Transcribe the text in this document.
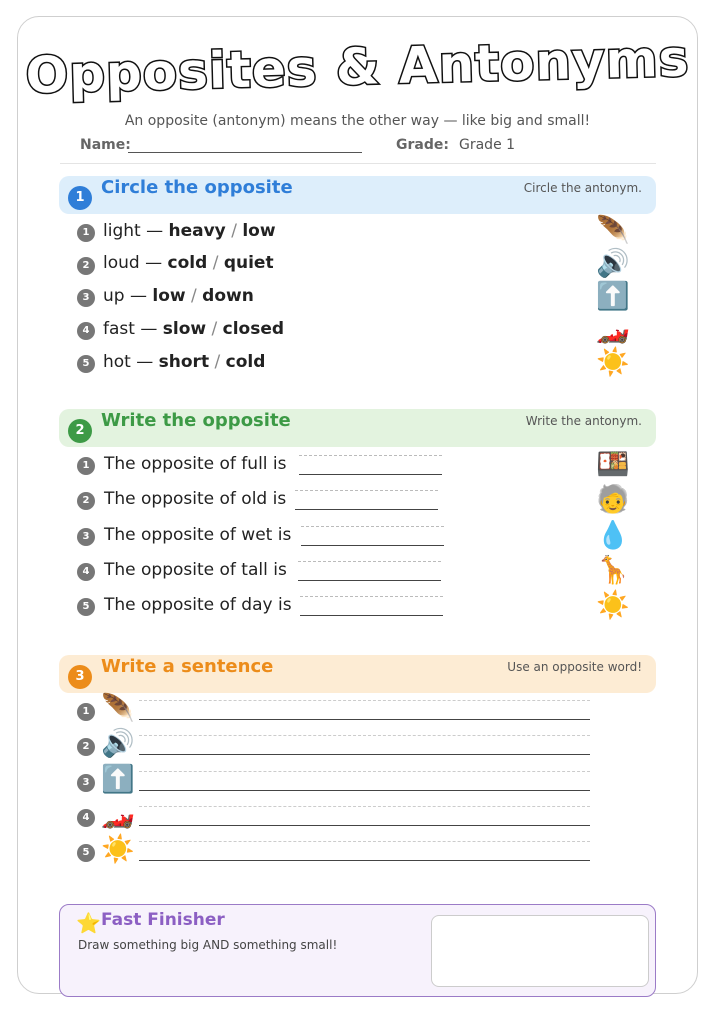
Opposites & Antonyms
An opposite (antonym) means the other way — like big and small!
Name:	Grade: Grade 1
1 Circle the opposite	Circle the antonym.
1 light — heavy / low	🪶
2 loud — cold / quiet	🔊
3 up — low / down	⬆️
4 fast — slow / closed	🏎️
5 hot — short / cold	☀️
2 Write the opposite	Write the antonym.
1 The opposite of full is	🍱
2 The opposite of old is	🧓
3 The opposite of wet is	💧
4 The opposite of tall is	🦒
5 The opposite of day is	☀️
3 Write a sentence	Use an opposite word!
1 🪶
2 🔊
3 ⬆️
4 🏎️
5 ☀️
⭐ Fast Finisher
Draw something big AND something small!
